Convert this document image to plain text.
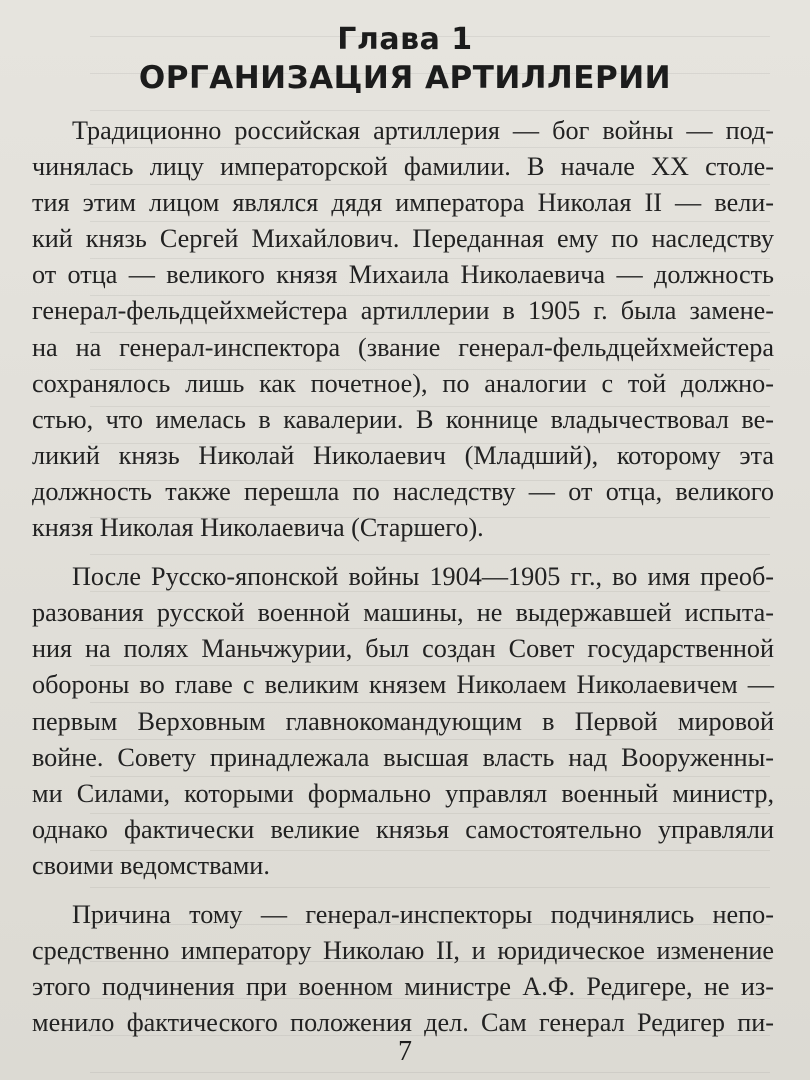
Глава 1
ОРГАНИЗАЦИЯ АРТИЛЛЕРИИ
Традиционно российская артиллерия — бог войны — под-
чинялась лицу императорской фамилии. В начале XX столе-
тия этим лицом являлся дядя императора Николая II — вели-
кий князь Сергей Михайлович. Переданная ему по наследству
от отца — великого князя Михаила Николаевича — должность
генерал-фельдцейхмейстера артиллерии в 1905 г. была замене-
на на генерал-инспектора (звание генерал-фельдцейхмейстера
сохранялось лишь как почетное), по аналогии с той должно-
стью, что имелась в кавалерии. В коннице владычествовал ве-
ликий князь Николай Николаевич (Младший), которому эта
должность также перешла по наследству — от отца, великого
князя Николая Николаевича (Старшего).
После Русско-японской войны 1904—1905 гг., во имя преоб-
разования русской военной машины, не выдержавшей испыта-
ния на полях Маньчжурии, был создан Совет государственной
обороны во главе с великим князем Николаем Николаевичем —
первым Верховным главнокомандующим в Первой мировой
войне. Совету принадлежала высшая власть над Вооруженны-
ми Силами, которыми формально управлял военный министр,
однако фактически великие князья самостоятельно управляли
своими ведомствами.
Причина тому — генерал-инспекторы подчинялись непо-
средственно императору Николаю II, и юридическое изменение
этого подчинения при военном министре А.Ф. Редигере, не из-
менило фактического положения дел. Сам генерал Редигер пи-
7
